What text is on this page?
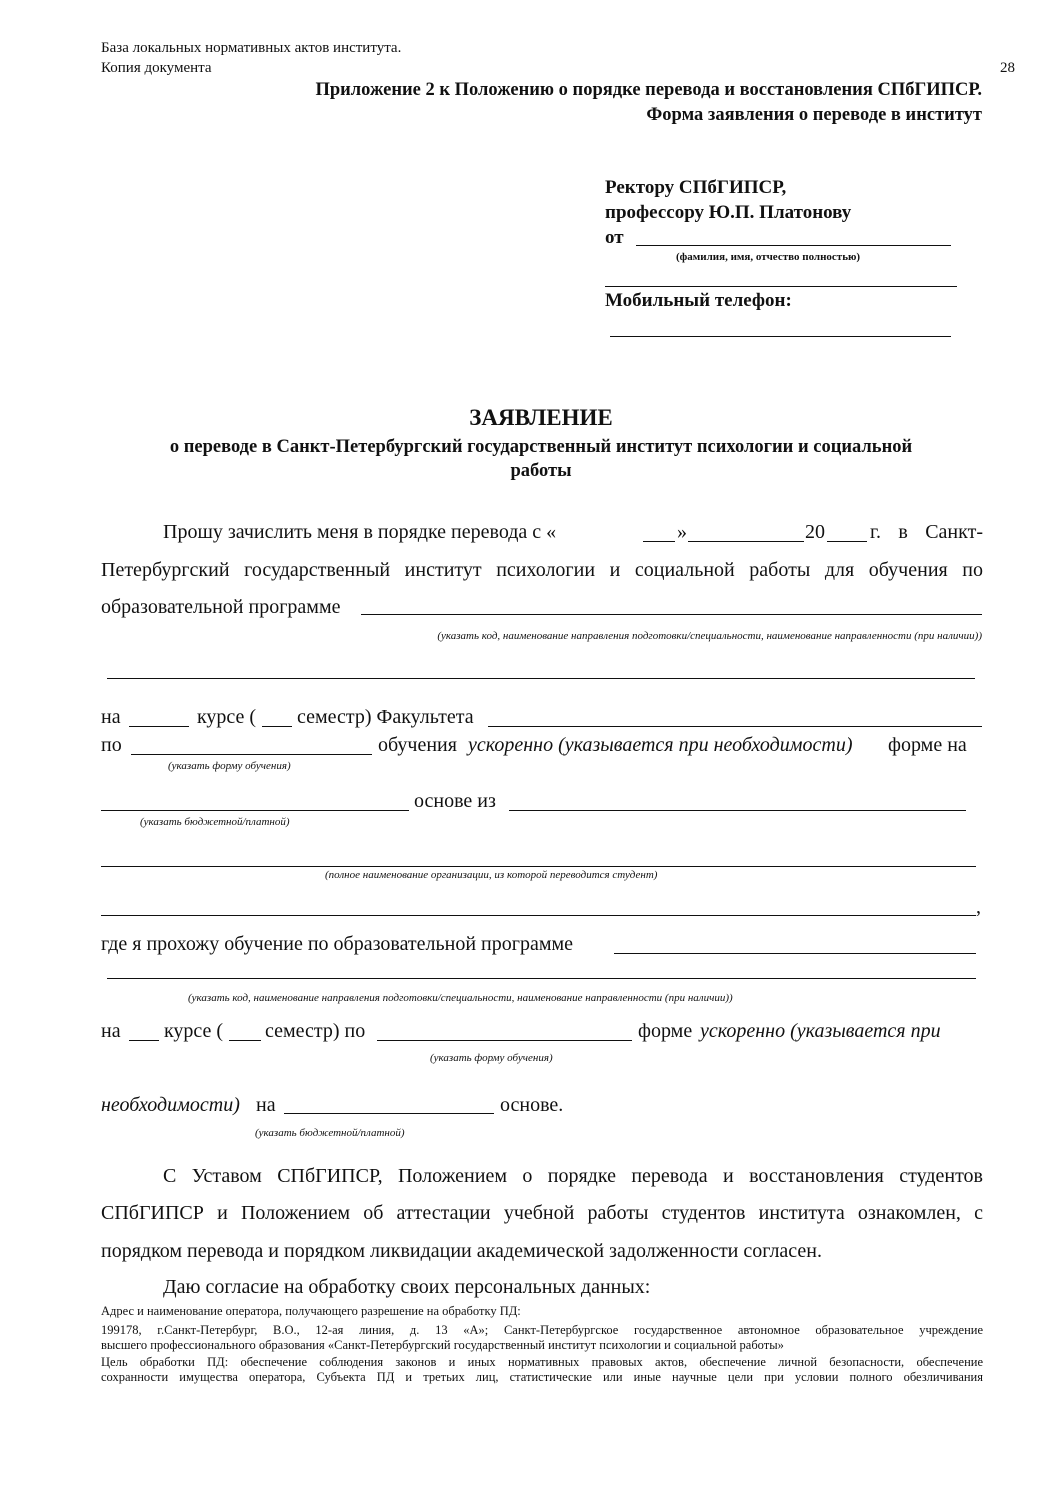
База локальных нормативных актов института.
Копия документа	28
Приложение 2 к Положению о порядке перевода и восстановления СПбГИПСР.
Форма заявления о переводе в институт
Ректору СПбГИПСР,
профессору Ю.П. Платонову
от
(фамилия, имя, отчество полностью)
Мобильный телефон:
ЗАЯВЛЕНИЕ
о переводе в Санкт-Петербургский государственный институт психологии и социальной
работы
Прошу зачислить меня в порядке перевода с «	»	20 г. в Санкт-
Петербургский государственный институт психологии и социальной работы для обучения по
образовательной программе
(указать код, наименование направления подготовки/специальности, наименование направленности (при наличии))
на	курсе ( семестр) Факультета
по	обучения ускоренно (указывается при необходимости) форме на
(указать форму обучения)
основе из
(указать бюджетной/платной)
(полное наименование организации, из которой переводится студент)
,
где я прохожу обучение по образовательной программе
(указать код, наименование направления подготовки/специальности, наименование направленности (при наличии))
на курсе ( семестр) по	форме ускоренно (указывается при
(указать форму обучения)
необходимости) на	основе.
(указать бюджетной/платной)
С Уставом СПбГИПСР, Положением о порядке перевода и восстановления студентов
СПбГИПСР и Положением об аттестации учебной работы студентов института ознакомлен, с
порядком перевода и порядком ликвидации академической задолженности согласен.
Даю согласие на обработку своих персональных данных:
Адрес и наименование оператора, получающего разрешение на обработку ПД:
199178, г.Санкт-Петербург, В.О., 12-ая линия, д. 13 «А»; Санкт-Петербургское государственное автономное образовательное учреждение
высшего профессионального образования «Санкт-Петербургский государственный институт психологии и социальной работы»
Цель обработки ПД: обеспечение соблюдения законов и иных нормативных правовых актов, обеспечение личной безопасности, обеспечение
сохранности имущества оператора, Субъекта ПД и третьих лиц, статистические или иные научные цели при условии полного обезличивания
